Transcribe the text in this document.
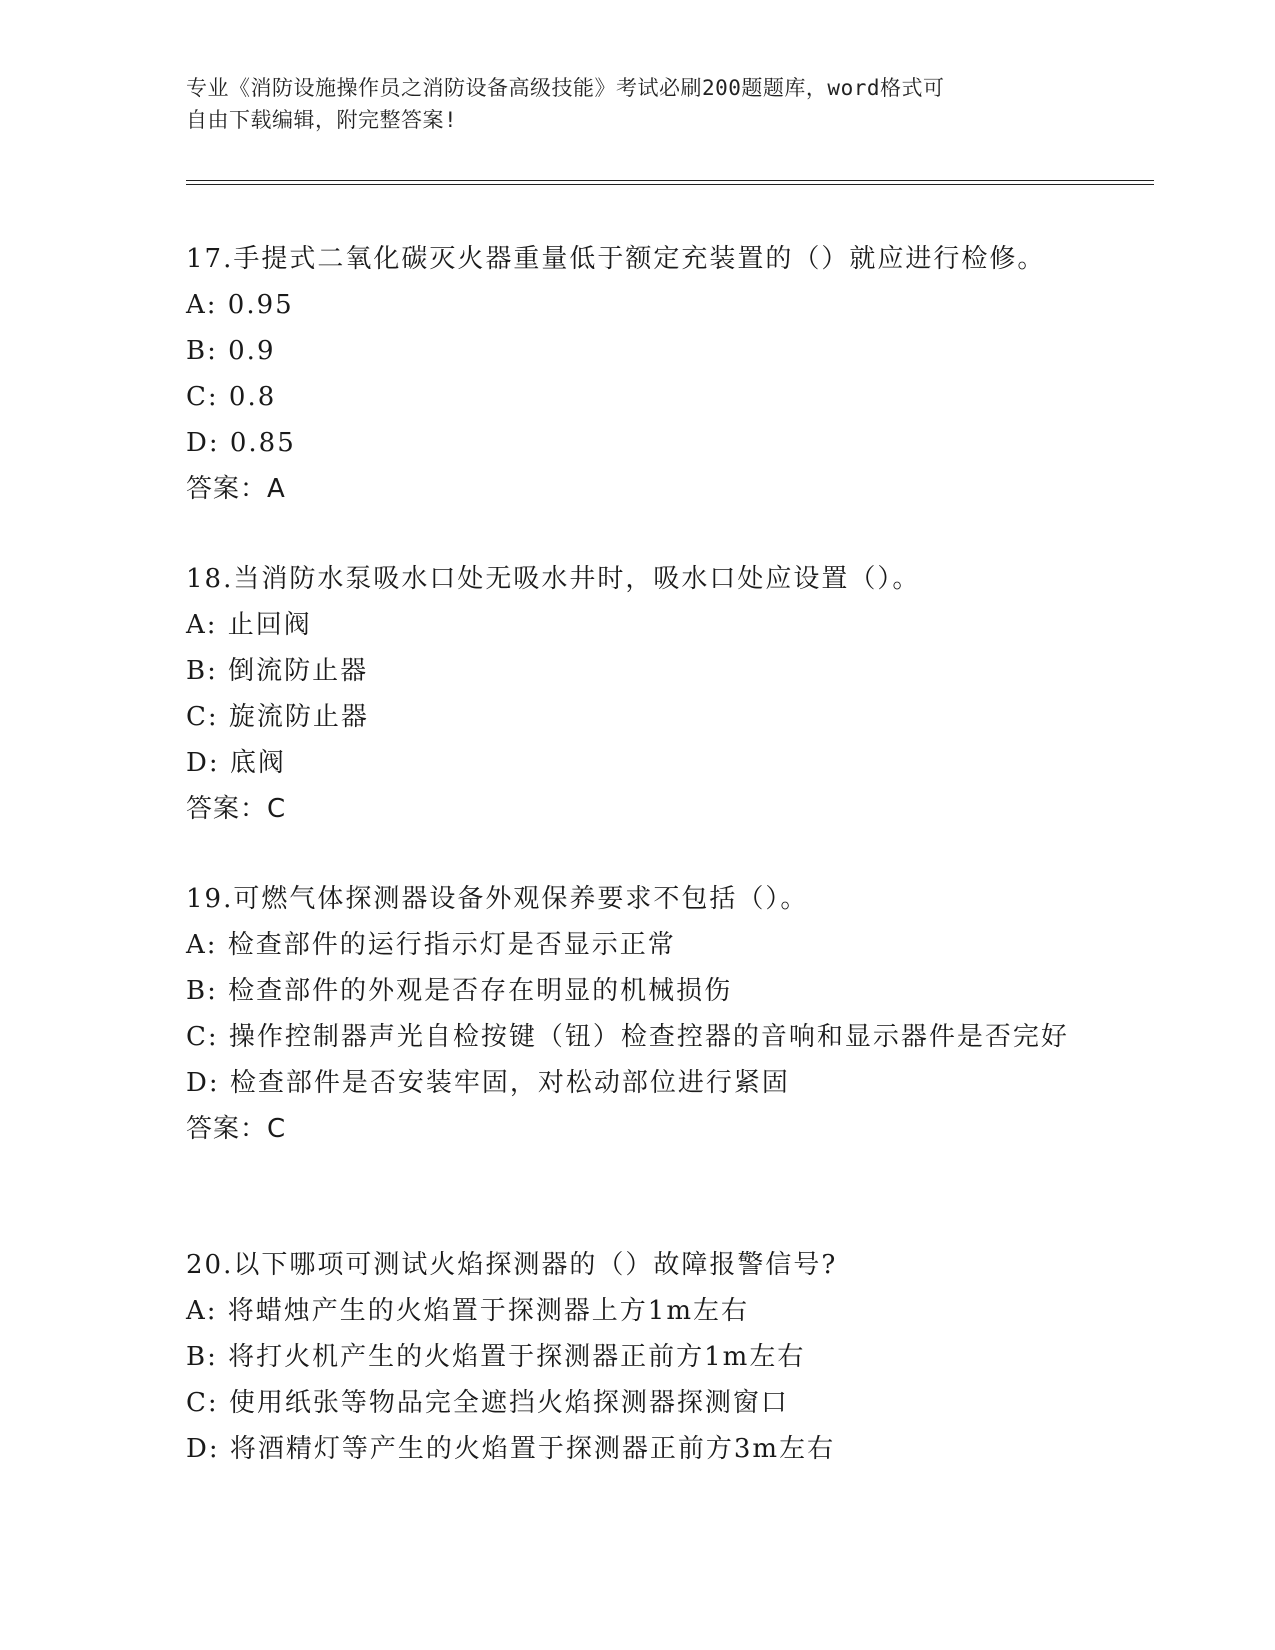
专业《消防设施操作员之消防设备高级技能》考试必刷200题题库，word格式可
自由下载编辑，附完整答案!
17.手提式二氧化碳灭火器重量低于额定充装置的（）就应进行检修。
A: 0.95
B: 0.9
C: 0.8
D: 0.85
答案：A
18.当消防水泵吸水口处无吸水井时，吸水口处应设置（）。
A: 止回阀
B: 倒流防止器
C: 旋流防止器
D: 底阀
答案：C
19.可燃气体探测器设备外观保养要求不包括（）。
A: 检查部件的运行指示灯是否显示正常
B: 检查部件的外观是否存在明显的机械损伤
C: 操作控制器声光自检按键（钮）检查控器的音响和显示器件是否完好
D: 检查部件是否安装牢固，对松动部位进行紧固
答案：C
20.以下哪项可测试火焰探测器的（）故障报警信号?
A: 将蜡烛产生的火焰置于探测器上方1m左右
B: 将打火机产生的火焰置于探测器正前方1m左右
C: 使用纸张等物品完全遮挡火焰探测器探测窗口
D: 将酒精灯等产生的火焰置于探测器正前方3m左右
